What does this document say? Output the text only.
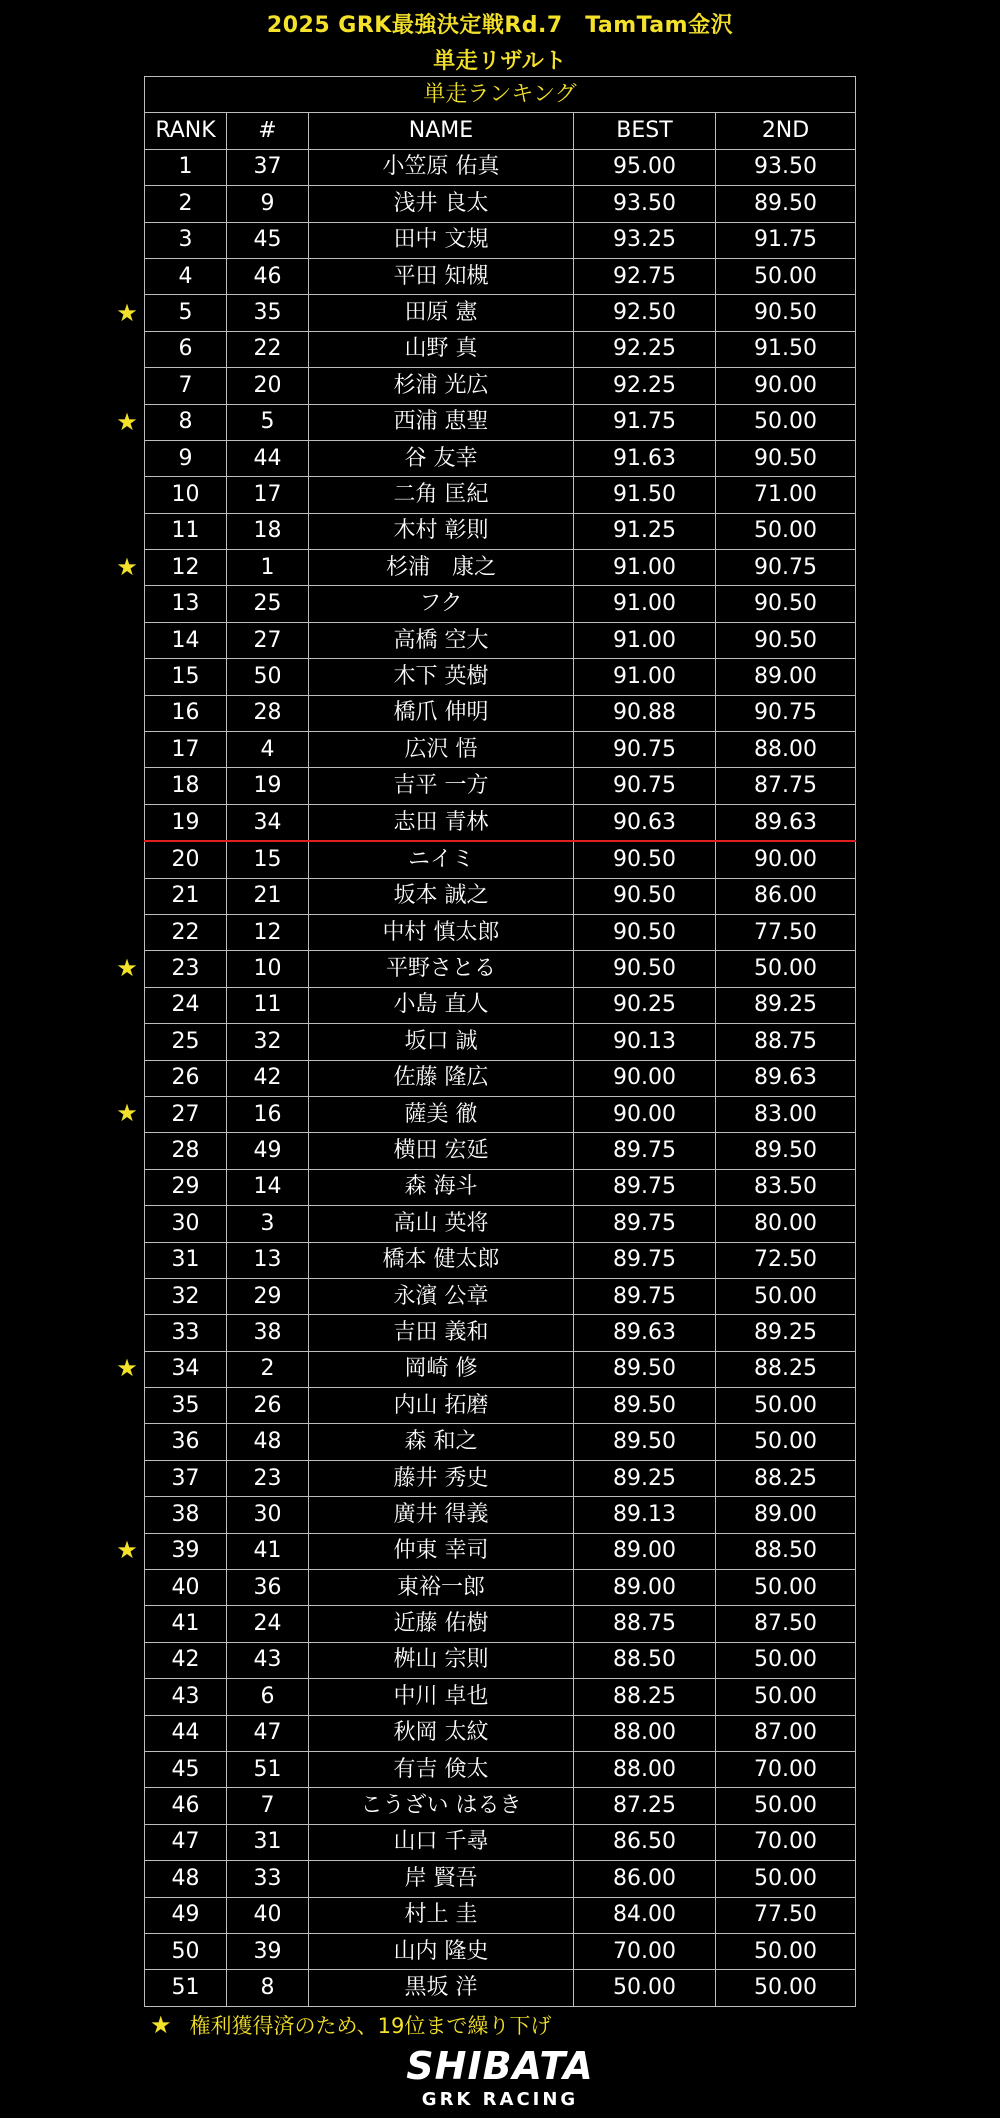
2025 GRK最強決定戦Rd.7　TamTam金沢
単走リザルト
★
★
★
★
★
★
★
単走ランキング				
RANK	#	NAME	BEST	2ND
1	37	小笠原 佑真	95.00	93.50
2	9	浅井 良太	93.50	89.50
3	45	田中 文規	93.25	91.75
4	46	平田 知槻	92.75	50.00
5	35	田原 憲	92.50	90.50
6	22	山野 真	92.25	91.50
7	20	杉浦 光広	92.25	90.00
8	5	西浦 恵聖	91.75	50.00
9	44	谷 友幸	91.63	90.50
10	17	二角 匡紀	91.50	71.00
11	18	木村 彰則	91.25	50.00
12	1	杉浦　康之	91.00	90.75
13	25	フク	91.00	90.50
14	27	高橋 空大	91.00	90.50
15	50	木下 英樹	91.00	89.00
16	28	橋爪 伸明	90.88	90.75
17	4	広沢 悟	90.75	88.00
18	19	吉平 一方	90.75	87.75
19	34	志田 青林	90.63	89.63
20	15	ニイミ	90.50	90.00
21	21	坂本 誠之	90.50	86.00
22	12	中村 慎太郎	90.50	77.50
23	10	平野さとる	90.50	50.00
24	11	小島 直人	90.25	89.25
25	32	坂口 誠	90.13	88.75
26	42	佐藤 隆広	90.00	89.63
27	16	薩美 徹	90.00	83.00
28	49	横田 宏延	89.75	89.50
29	14	森 海斗	89.75	83.50
30	3	高山 英将	89.75	80.00
31	13	橋本 健太郎	89.75	72.50
32	29	永濱 公章	89.75	50.00
33	38	吉田 義和	89.63	89.25
34	2	岡崎 修	89.50	88.25
35	26	内山 拓磨	89.50	50.00
36	48	森 和之	89.50	50.00
37	23	藤井 秀史	89.25	88.25
38	30	廣井 得義	89.13	89.00
39	41	仲東 幸司	89.00	88.50
40	36	東裕一郎	89.00	50.00
41	24	近藤 佑樹	88.75	87.50
42	43	桝山 宗則	88.50	50.00
43	6	中川 卓也	88.25	50.00
44	47	秋岡 太紋	88.00	87.00
45	51	有吉 倹太	88.00	70.00
46	7	こうざい はるき	87.25	50.00
47	31	山口 千尋	86.50	70.00
48	33	岸 賢吾	86.00	50.00
49	40	村上 圭	84.00	77.50
50	39	山内 隆史	70.00	50.00
51	8	黒坂 洋	50.00	50.00
★ 権利獲得済のため、19位まで繰り下げ
SHIBATA
GRK RACING
